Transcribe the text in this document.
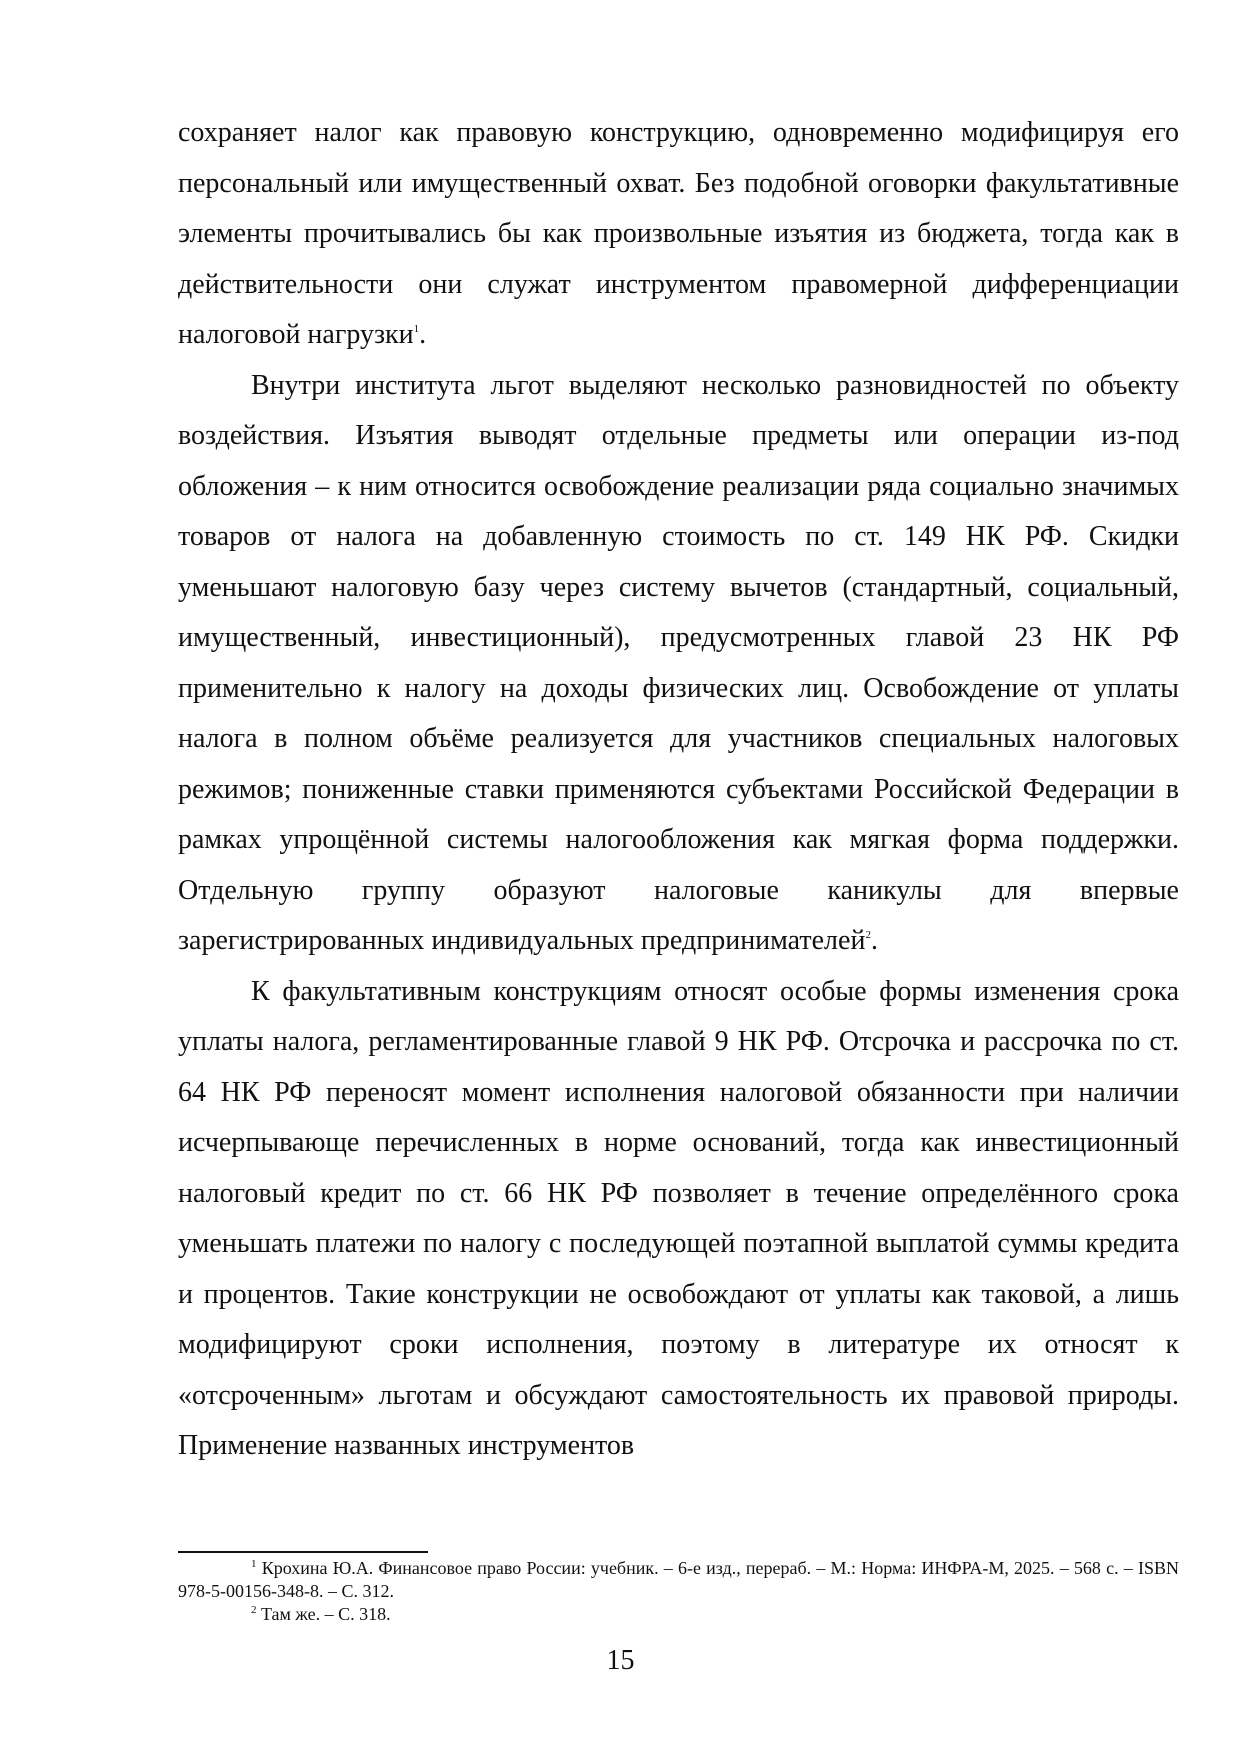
сохраняет налог как правовую конструкцию, одновременно модифицируя его персональный или имущественный охват. Без подобной оговорки факультативные элементы прочитывались бы как произвольные изъятия из бюджета, тогда как в действительности они служат инструментом правомерной дифференциации налоговой нагрузки$^1$.

Внутри института льгот выделяют несколько разновидностей по объекту воздействия. Изъятия выводят отдельные предметы или операции из-под обложения – к ним относится освобождение реализации ряда социально значимых товаров от налога на добавленную стоимость по ст. 149 НК РФ. Скидки уменьшают налоговую базу через систему вычетов (стандартный, социальный, имущественный, инвестиционный), предусмотренных главой 23 НК РФ применительно к налогу на доходы физических лиц. Освобождение от уплаты налога в полном объёме реализуется для участников специальных налоговых режимов; пониженные ставки применяются субъектами Российской Федерации в рамках упрощённой системы налогообложения как мягкая форма поддержки. Отдельную группу образуют налоговые каникулы для впервые зарегистрированных индивидуальных предпринимателей$^2$.

К факультативным конструкциям относят особые формы изменения срока уплаты налога, регламентированные главой 9 НК РФ. Отсрочка и рассрочка по ст. 64 НК РФ переносят момент исполнения налоговой обязанности при наличии исчерпывающе перечисленных в норме оснований, тогда как инвестиционный налоговый кредит по ст. 66 НК РФ позволяет в течение определённого срока уменьшать платежи по налогу с последующей поэтапной выплатой суммы кредита и процентов. Такие конструкции не освобождают от уплаты как таковой, а лишь модифицируют сроки исполнения, поэтому в литературе их относят к «отсроченным» льготам и обсуждают самостоятельность их правовой природы. Применение названных инструментов

$^1$ Крохина Ю.А. Финансовое право России: учебник. – 6-е изд., перераб. – М.: Норма: ИНФРА-М, 2025. – 568 с. – ISBN 978-5-00156-348-8. – С. 312.

$^2$ Там же. – С. 318.

15
